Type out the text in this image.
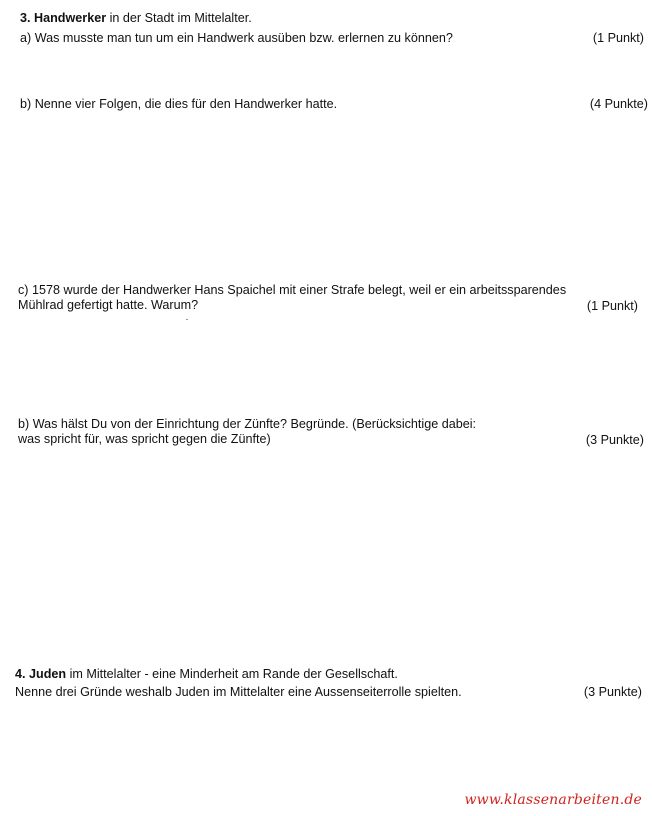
3. Handwerker in der Stadt im Mittelalter.
a) Was musste man tun um ein Handwerk ausüben bzw. erlernen zu können?	(1 Punkt)
b) Nenne vier Folgen, die dies für den Handwerker hatte.	(4 Punkte)
c) 1578 wurde der Handwerker Hans Spaichel mit einer Strafe belegt, weil er ein arbeitssparendes
Mühlrad gefertigt hatte. Warum?	(1 Punkt)
b) Was hälst Du von der Einrichtung der Zünfte? Begründe. (Berücksichtige dabei:
was spricht für, was spricht gegen die Zünfte)	(3 Punkte)
4. Juden im Mittelalter - eine Minderheit am Rande der Gesellschaft.
Nenne drei Gründe weshalb Juden im Mittelalter eine Aussenseiterrolle spielten.	(3 Punkte)
www.klassenarbeiten.de
